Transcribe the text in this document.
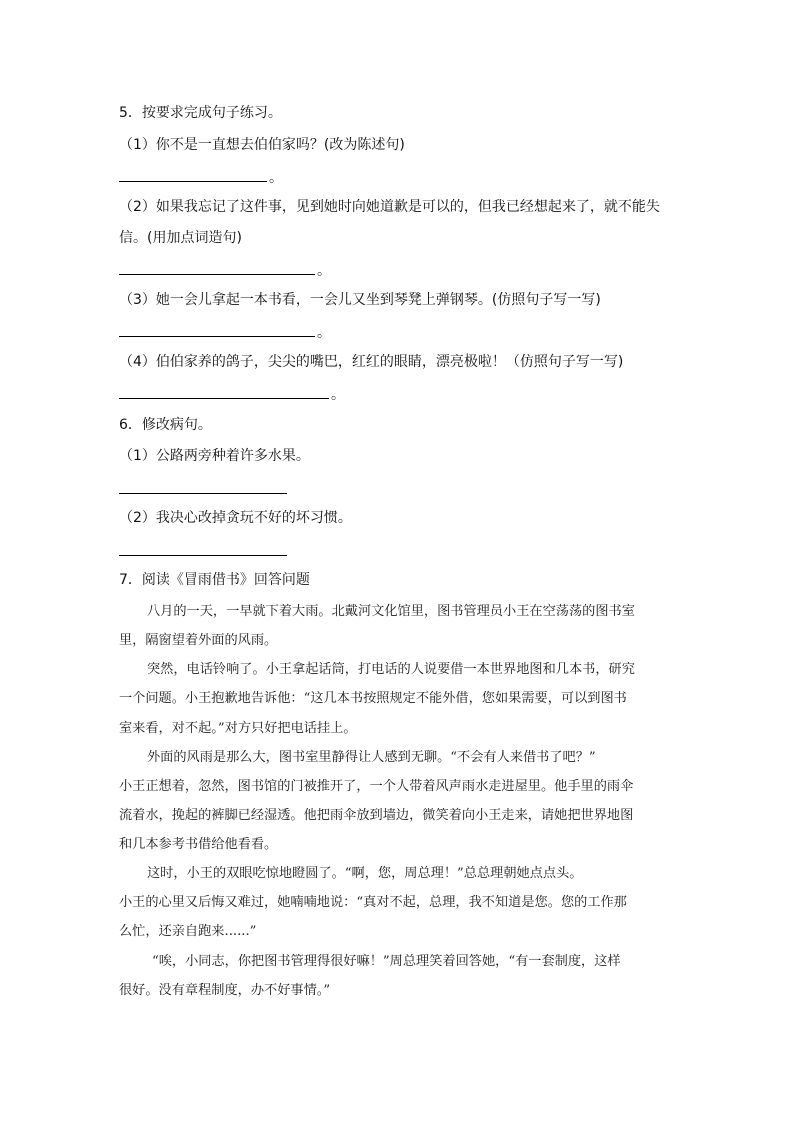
5．按要求完成句子练习。
（1）你不是一直想去伯伯家吗？(改为陈述句)
。
（2）如果我忘记了这件事，见到她时向她道歉是可以的，但我已经想起来了，就不能失
信。(用加点词造句)
。
（3）她一会儿拿起一本书看，一会儿又坐到琴凳上弹钢琴。(仿照句子写一写)
。
（4）伯伯家养的鸽子，尖尖的嘴巴，红红的眼睛，漂亮极啦！（仿照句子写一写)
。
6．修改病句。
（1）公路两旁种着许多水果。
（2）我决心改掉贪玩不好的坏习惯。
7．阅读《冒雨借书》回答问题
八月的一天，一早就下着大雨。北戴河文化馆里，图书管理员小王在空荡荡的图书室
里，隔窗望着外面的风雨。
突然，电话铃响了。小王拿起话筒，打电话的人说要借一本世界地图和几本书，研究
一个问题。小王抱歉地告诉他：“这几本书按照规定不能外借，您如果需要，可以到图书
室来看，对不起。”对方只好把电话挂上。
外面的风雨是那么大，图书室里静得让人感到无聊。“不会有人来借书了吧？”
小王正想着，忽然，图书馆的门被推开了，一个人带着风声雨水走进屋里。他手里的雨伞
流着水，挽起的裤脚已经湿透。他把雨伞放到墙边，微笑着向小王走来，请她把世界地图
和几本参考书借给他看看。
这时，小王的双眼吃惊地瞪圆了。“啊，您，周总理！”总总理朝她点点头。
小王的心里又后悔又难过，她喃喃地说：“真对不起，总理，我不知道是您。您的工作那
么忙，还亲自跑来......”
“唉，小同志，你把图书管理得很好嘛！”周总理笑着回答她，“有一套制度，这样
很好。没有章程制度，办不好事情。”
